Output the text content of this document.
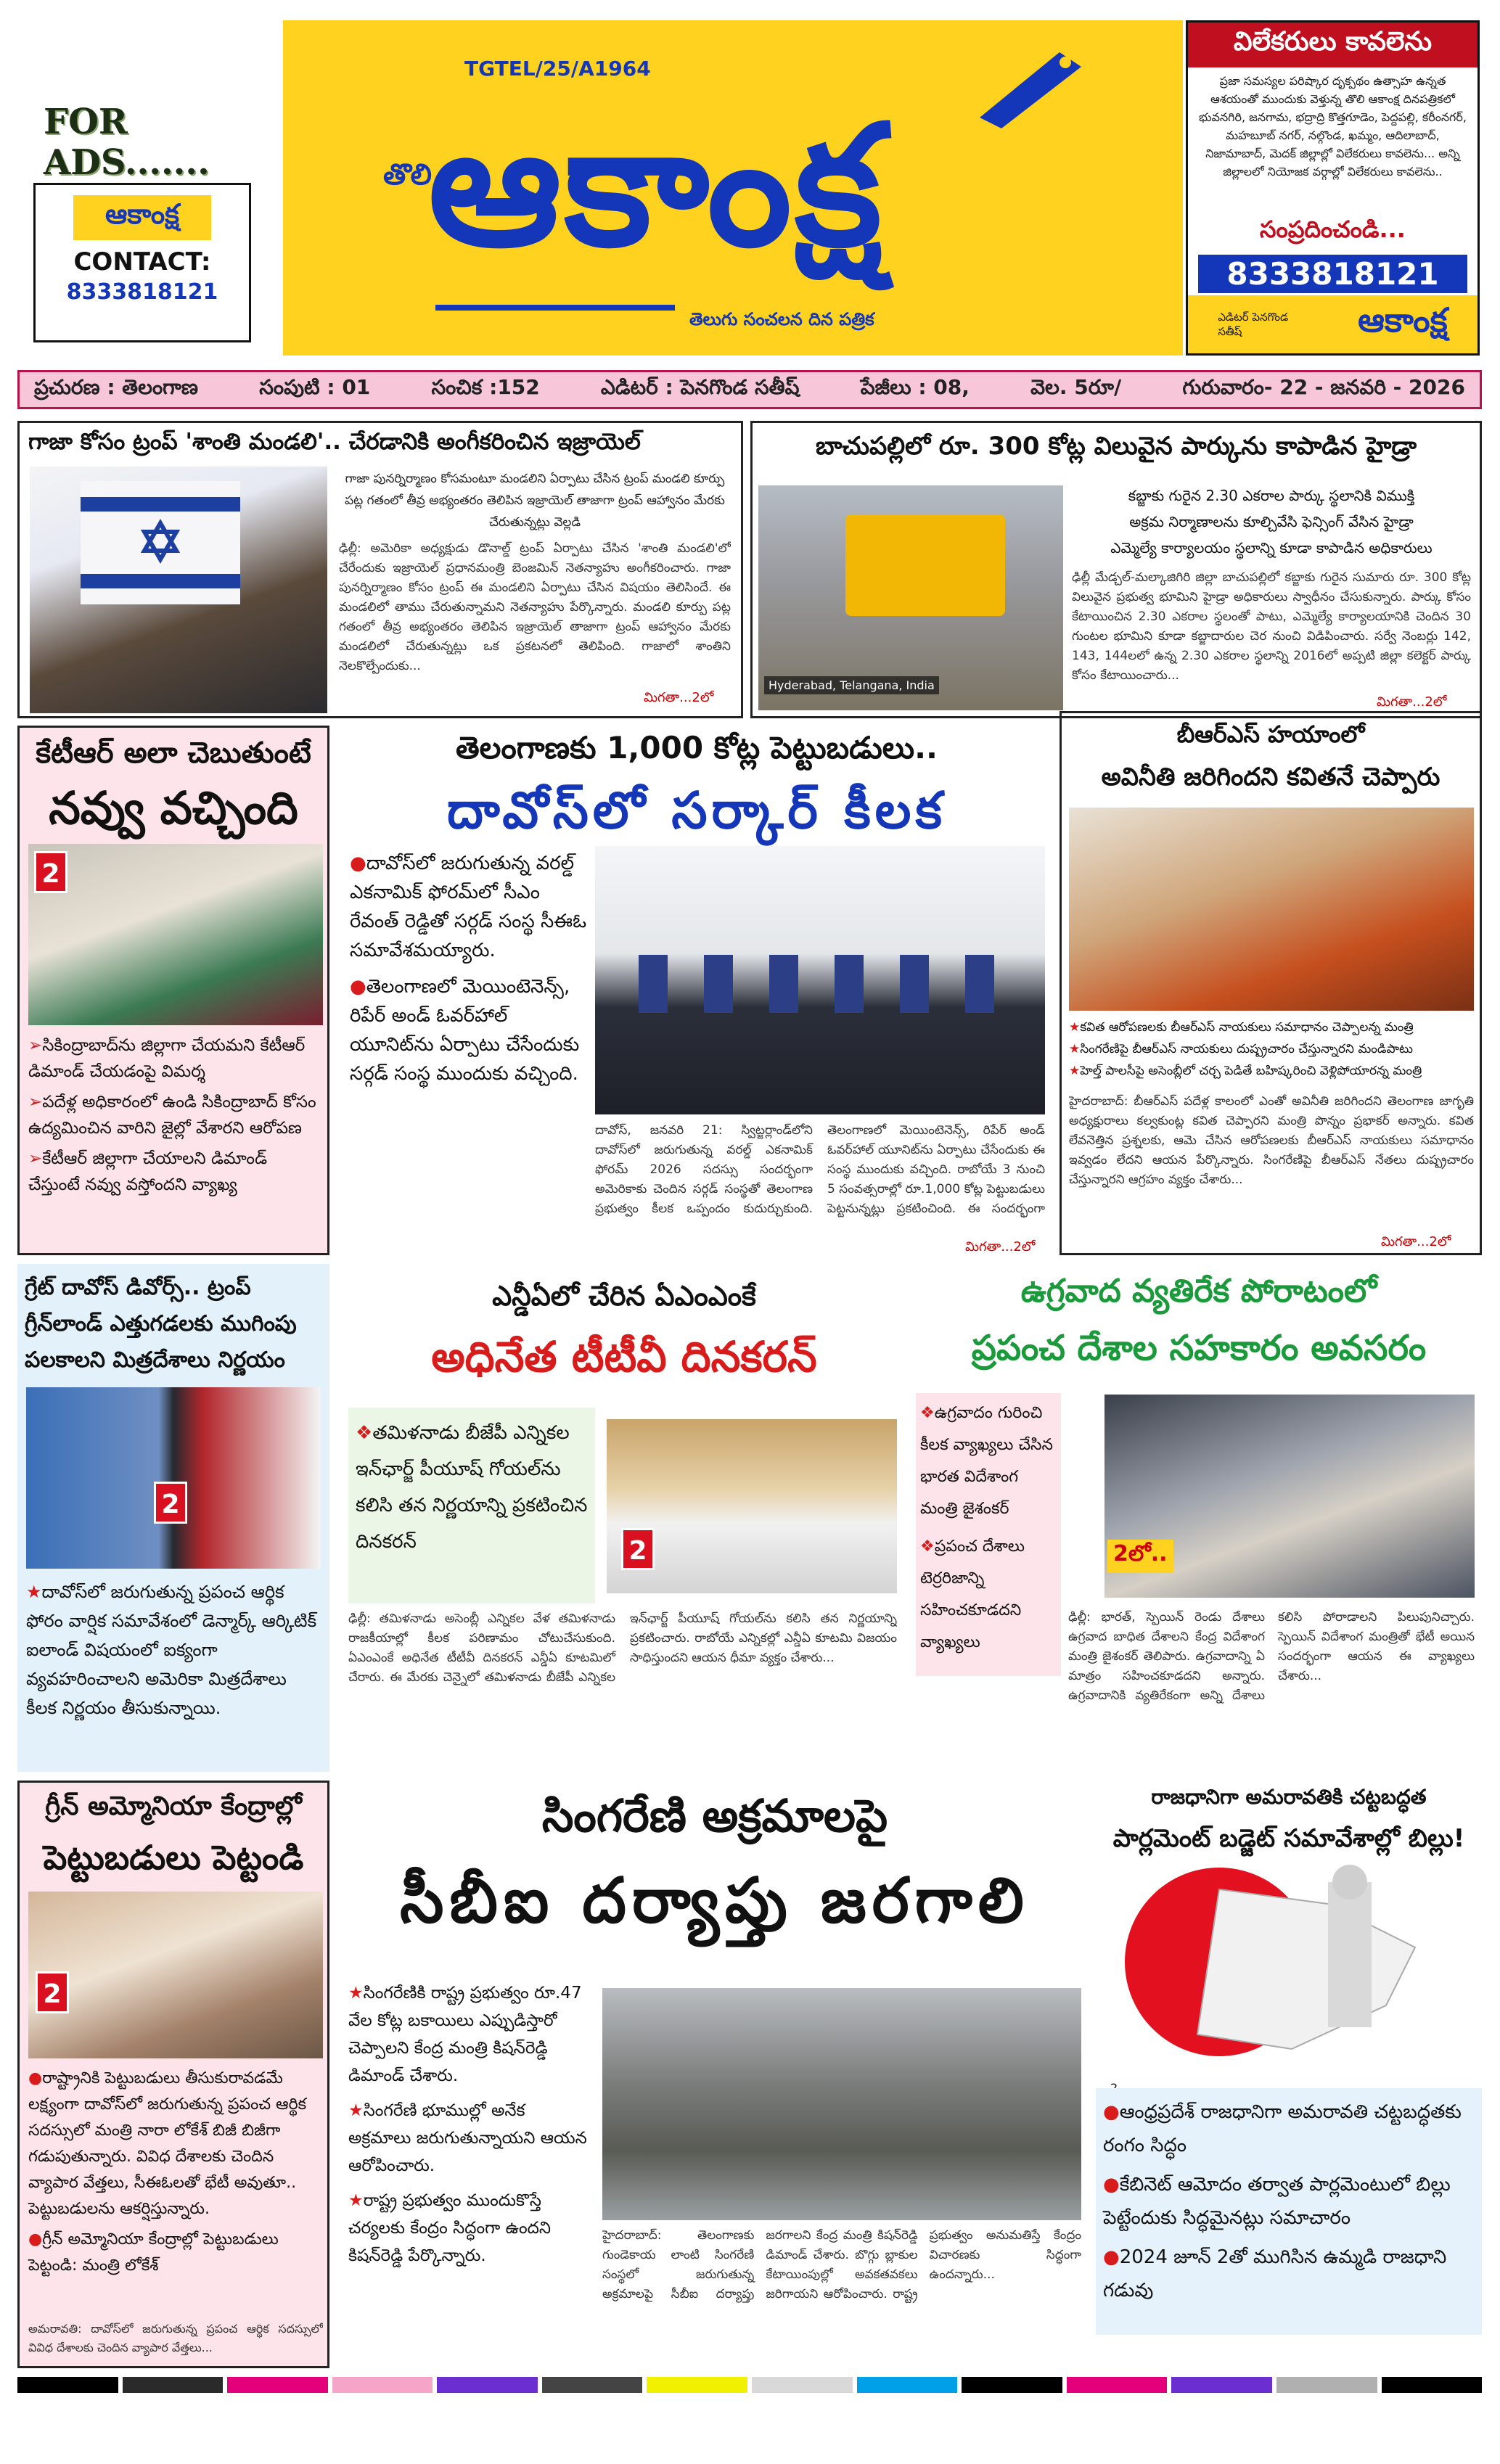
FOR ADS.......
ఆకాంక్ష
CONTACT:
8333818121
TGTEL/25/A1964
తొలి
ఆకాంక్ష
తెలుగు సంచలన దిన పత్రిక
విలేకరులు కావలెను
ప్రజా సమస్యల పరిష్కార దృక్పథం ఉత్సాహ ఉన్నత ఆశయంతో ముందుకు వెళ్తున్న తొలి ఆకాంక్ష దినపత్రికలో భువనగిరి, జనగామ, భద్రాద్రి కొత్తగూడెం, పెద్దపల్లి, కరీంనగర్, మహబూబ్ నగర్, నల్గొండ, ఖమ్మం, ఆదిలాబాద్, నిజామాబాద్, మెదక్ జిల్లాల్లో విలేకరులు కావలెను... అన్ని జిల్లాలలో నియోజక వర్గాల్లో విలేకరులు కావలెను..
సంప్రదించండి...
8333818121
ఎడిటర్ పెనగొండ సతీష్	ఆకాంక్ష
ప్రచురణ : తెలంగాణ	సంపుటి : 01	సంచిక :152	ఎడిటర్ : పెనగొండ సతీష్	పేజీలు : 08,	వెల. 5రూ/	గురువారం- 22 - జనవరి - 2026
గాజా కోసం ట్రంప్ 'శాంతి మండలి'.. చేరడానికి అంగీకరించిన ఇజ్రాయెల్
గాజా పునర్నిర్మాణం కోసమంటూ మండలిని ఏర్పాటు చేసిన ట్రంప్ మండలి కూర్పు పట్ల గతంలో తీవ్ర అభ్యంతరం తెలిపిన ఇజ్రాయెల్ తాజాగా ట్రంప్ ఆహ్వానం మేరకు చేరుతున్నట్లు వెల్లడి
ఢిల్లీ: అమెరికా అధ్యక్షుడు డొనాల్డ్ ట్రంప్ ఏర్పాటు చేసిన 'శాంతి మండలి'లో చేరేందుకు ఇజ్రాయెల్ ప్రధానమంత్రి బెంజమిన్ నెతన్యాహు అంగీకరించారు. గాజా పునర్నిర్మాణం కోసం ట్రంప్ ఈ మండలిని ఏర్పాటు చేసిన విషయం తెలిసిందే. ఈ మండలిలో తాము చేరుతున్నామని నెతన్యాహు పేర్కొన్నారు. మండలి కూర్పు పట్ల గతంలో తీవ్ర అభ్యంతరం తెలిపిన ఇజ్రాయెల్ తాజాగా ట్రంప్ ఆహ్వానం మేరకు మండలిలో చేరుతున్నట్లు ఒక ప్రకటనలో తెలిపింది. గాజాలో శాంతిని నెలకొల్పేందుకు...
మిగతా...2లో
బాచుపల్లిలో రూ. 300 కోట్ల విలువైన పార్కును కాపాడిన హైడ్రా
Hyderabad, Telangana, India
కబ్జాకు గురైన 2.30 ఎకరాల పార్కు స్థలానికి విముక్తి
అక్రమ నిర్మాణాలను కూల్చివేసి ఫెన్సింగ్ వేసిన హైడ్రా
ఎమ్మెల్యే కార్యాలయం స్థలాన్ని కూడా కాపాడిన అధికారులు
ఢిల్లీ మేడ్చల్-మల్కాజిగిరి జిల్లా బాచుపల్లిలో కబ్జాకు గురైన సుమారు రూ. 300 కోట్ల విలువైన ప్రభుత్వ భూమిని హైడ్రా అధికారులు స్వాధీనం చేసుకున్నారు. పార్కు కోసం కేటాయించిన 2.30 ఎకరాల స్థలంతో పాటు, ఎమ్మెల్యే కార్యాలయానికి చెందిన 30 గుంటల భూమిని కూడా కబ్జాదారుల చెర నుంచి విడిపించారు. సర్వే నెంబర్లు 142, 143, 144లలో ఉన్న 2.30 ఎకరాల స్థలాన్ని 2016లో అప్పటి జిల్లా కలెక్టర్ పార్కు కోసం కేటాయించారు...
మిగతా...2లో
కేటీఆర్ అలా చెబుతుంటే
నవ్వు వచ్చింది
2
➢సికింద్రాబాద్‌ను జిల్లాగా చేయమని కేటీఆర్ డిమాండ్ చేయడంపై విమర్శ
➢పదేళ్ల అధికారంలో ఉండి సికింద్రాబాద్ కోసం ఉద్యమించిన వారిని జైల్లో వేశారని ఆరోపణ
➢కేటీఆర్ జిల్లాగా చేయాలని డిమాండ్ చేస్తుంటే నవ్వు వస్తోందని వ్యాఖ్య
తెలంగాణకు 1,000 కోట్ల పెట్టుబడులు..
దావోస్‌లో సర్కార్ కీలక
●దావోస్‌లో జరుగుతున్న వరల్డ్ ఎకనామిక్ ఫోరమ్‌లో సీఎం రేవంత్ రెడ్డితో సర్గడ్ సంస్థ సీఈఓ సమావేశమయ్యారు.
●తెలంగాణలో మెయింటెనెన్స్, రిపేర్ అండ్ ఓవర్‌హాల్ యూనిట్‌ను ఏర్పాటు చేసేందుకు సర్గడ్ సంస్థ ముందుకు వచ్చింది.
దావోస్, జనవరి 21: స్విట్జర్లాండ్‌లోని దావోస్‌లో జరుగుతున్న వరల్డ్ ఎకనామిక్ ఫోరమ్ 2026 సదస్సు సందర్భంగా అమెరికాకు చెందిన సర్గడ్ సంస్థతో తెలంగాణ ప్రభుత్వం కీలక ఒప్పందం కుదుర్చుకుంది. తెలంగాణలో మెయింటెనెన్స్, రిపేర్ అండ్ ఓవర్‌హాల్ యూనిట్‌ను ఏర్పాటు చేసేందుకు ఈ సంస్థ ముందుకు వచ్చింది. రాబోయే 3 నుంచి 5 సంవత్సరాల్లో రూ.1,000 కోట్ల పెట్టుబడులు పెట్టనున్నట్లు ప్రకటించింది. ఈ సందర్భంగా
మిగతా...2లో
బీఆర్ఎస్ హయాంలో
అవినీతి జరిగిందని కవితనే చెప్పారు
★కవిత ఆరోపణలకు బీఆర్ఎస్ నాయకులు సమాధానం చెప్పాలన్న మంత్రి
★సింగరేణిపై బీఆర్ఎస్ నాయకులు దుష్ప్రచారం చేస్తున్నారని మండిపాటు
★హెల్త్ పాలసీపై అసెంబ్లీలో చర్చ పెడితే బహిష్కరించి వెళ్లిపోయారన్న మంత్రి
హైదరాబాద్: బీఆర్ఎస్ పదేళ్ల కాలంలో ఎంతో అవినీతి జరిగిందని తెలంగాణ జాగృతి అధ్యక్షురాలు కల్వకుంట్ల కవిత చెప్పారని మంత్రి పొన్నం ప్రభాకర్ అన్నారు. కవిత లేవనెత్తిన ప్రశ్నలకు, ఆమె చేసిన ఆరోపణలకు బీఆర్ఎస్ నాయకులు సమాధానం ఇవ్వడం లేదని ఆయన పేర్కొన్నారు. సింగరేణిపై బీఆర్ఎస్ నేతలు దుష్ప్రచారం చేస్తున్నారని ఆగ్రహం వ్యక్తం చేశారు...
మిగతా...2లో
గ్రేట్ దావోస్ డివోర్స్.. ట్రంప్ గ్రీన్‌లాండ్ ఎత్తుగడలకు ముగింపు పలకాలని మిత్రదేశాలు నిర్ణయం
2
★దావోస్‌లో జరుగుతున్న ప్రపంచ ఆర్థిక ఫోరం వార్షిక సమావేశంలో డెన్మార్క్ ఆర్కిటిక్ ఐలాండ్ విషయంలో ఐక్యంగా వ్యవహరించాలని అమెరికా మిత్రదేశాలు కీలక నిర్ణయం తీసుకున్నాయి.
ఎన్డీఏలో చేరిన ఏఎంఎంకే
అధినేత టీటీవీ దినకరన్
❖తమిళనాడు బీజేపీ ఎన్నికల ఇన్‌ఛార్జ్ పీయూష్ గోయల్‌ను కలిసి తన నిర్ణయాన్ని ప్రకటించిన దినకరన్	2
ఢిల్లీ: తమిళనాడు అసెంబ్లీ ఎన్నికల వేళ తమిళనాడు రాజకీయాల్లో కీలక పరిణామం చోటుచేసుకుంది. ఏఎంఎంకే అధినేత టీటీవీ దినకరన్ ఎన్డీఏ కూటమిలో చేరారు. ఈ మేరకు చెన్నైలో తమిళనాడు బీజేపీ ఎన్నికల ఇన్‌ఛార్జ్ పీయూష్ గోయల్‌ను కలిసి తన నిర్ణయాన్ని ప్రకటించారు. రాబోయే ఎన్నికల్లో ఎన్డీఏ కూటమి విజయం సాధిస్తుందని ఆయన ధీమా వ్యక్తం చేశారు...
ఉగ్రవాద వ్యతిరేక పోరాటంలో
ప్రపంచ దేశాల సహకారం అవసరం
❖ఉగ్రవాదం గురించి కీలక వ్యాఖ్యలు చేసిన భారత విదేశాంగ మంత్రి జైశంకర్
❖ప్రపంచ దేశాలు టెర్రరిజాన్ని సహించకూడదని వ్యాఖ్యలు
2లో..
ఢిల్లీ: భారత్, స్పెయిన్ రెండు దేశాలు ఉగ్రవాద బాధిత దేశాలని కేంద్ర విదేశాంగ మంత్రి జైశంకర్ తెలిపారు. ఉగ్రవాదాన్ని ఏ మాత్రం సహించకూడదని అన్నారు. ఉగ్రవాదానికి వ్యతిరేకంగా అన్ని దేశాలు కలిసి పోరాడాలని పిలుపునిచ్చారు. స్పెయిన్ విదేశాంగ మంత్రితో భేటీ అయిన సందర్భంగా ఆయన ఈ వ్యాఖ్యలు చేశారు...
గ్రీన్ అమ్మోనియా కేంద్రాల్లో
పెట్టుబడులు పెట్టండి
2
●రాష్ట్రానికి పెట్టుబడులు తీసుకురావడమే లక్ష్యంగా దావోస్‌లో జరుగుతున్న ప్రపంచ ఆర్థిక సదస్సులో మంత్రి నారా లోకేశ్ బిజీ బిజీగా గడుపుతున్నారు. వివిధ దేశాలకు చెందిన వ్యాపార వేత్తలు, సీఈఓలతో భేటీ అవుతూ.. పెట్టుబడులను ఆకర్షిస్తున్నారు.
●గ్రీన్ అమ్మోనియా కేంద్రాల్లో పెట్టుబడులు పెట్టండి: మంత్రి లోకేశ్
అమరావతి: దావోస్‌లో జరుగుతున్న ప్రపంచ ఆర్థిక సదస్సులో వివిధ దేశాలకు చెందిన వ్యాపార వేత్తలు...
సింగరేణి అక్రమాలపై
సీబీఐ దర్యాప్తు జరగాలి
★సింగరేణికి రాష్ట్ర ప్రభుత్వం రూ.47 వేల కోట్ల బకాయిలు ఎప్పుడిస్తారో చెప్పాలని కేంద్ర మంత్రి కిషన్‌రెడ్డి డిమాండ్ చేశారు.
★సింగరేణి భూముల్లో అనేక అక్రమాలు జరుగుతున్నాయని ఆయన ఆరోపించారు.
★రాష్ట్ర ప్రభుత్వం ముందుకొస్తే చర్యలకు కేంద్రం సిద్ధంగా ఉందని కిషన్‌రెడ్డి పేర్కొన్నారు.
హైదరాబాద్: తెలంగాణకు గుండెకాయ లాంటి సింగరేణి సంస్థలో జరుగుతున్న అక్రమాలపై సీబీఐ దర్యాప్తు జరగాలని కేంద్ర మంత్రి కిషన్‌రెడ్డి డిమాండ్ చేశారు. బొగ్గు బ్లాకుల కేటాయింపుల్లో అవకతవకలు జరిగాయని ఆరోపించారు. రాష్ట్ర ప్రభుత్వం అనుమతిస్తే కేంద్రం విచారణకు సిద్ధంగా ఉందన్నారు...
రాజధానిగా అమరావతికి చట్టబద్ధత
పార్లమెంట్ బడ్జెట్ సమావేశాల్లో బిల్లు!
●ఆంధ్రప్రదేశ్ రాజధానిగా అమరావతి చట్టబద్ధతకు రంగం సిద్ధం
●కేబినెట్ ఆమోదం తర్వాత పార్లమెంటులో బిల్లు పెట్టేందుకు సిద్ధమైనట్లు సమాచారం
●2024 జూన్ 2తో ముగిసిన ఉమ్మడి రాజధాని గడువు
